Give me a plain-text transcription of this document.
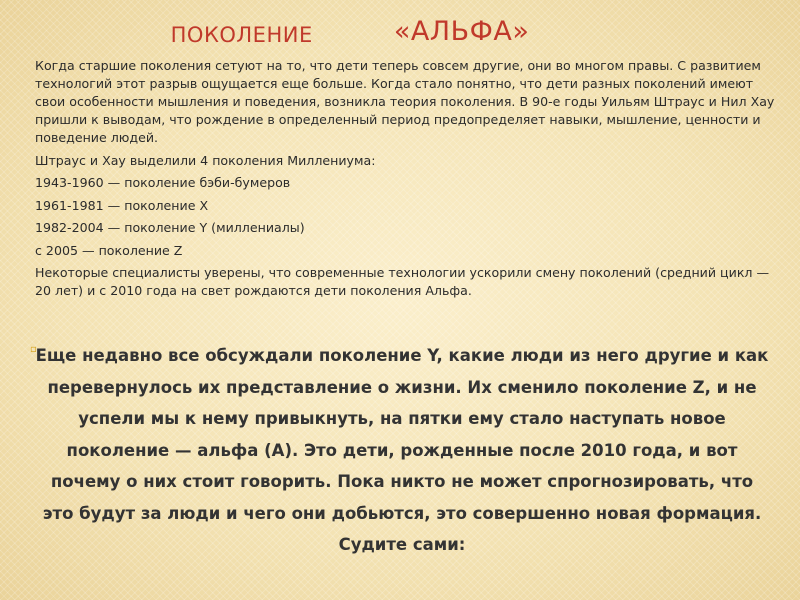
ПОКОЛЕНИЕ	«АЛЬФА»

Когда старшие поколения сетуют на то, что дети теперь совсем другие, они во многом правы. С развитием технологий этот разрыв ощущается еще больше. Когда стало понятно, что дети разных поколений имеют свои особенности мышления и поведения, возникла теория поколения. В 90-е годы Уильям Штраус и Нил Хау пришли к выводам, что рождение в определенный период предопределяет навыки, мышление, ценности и поведение людей.

Штраус и Хау выделили 4 поколения Миллениума:

1943-1960 — поколение бэби-бумеров

1961-1981 — поколение X

1982-2004 — поколение Y (миллениалы)

с 2005 — поколение Z

Некоторые специалисты уверены, что современные технологии ускорили смену поколений (средний цикл — 20 лет) и с 2010 года на свет рождаются дети поколения Альфа.

▫

Еще недавно все обсуждали поколение Y, какие люди из него другие и как перевернулось их представление о жизни. Их сменило поколение Z, и не успели мы к нему привыкнуть, на пятки ему стало наступать новое поколение — альфа (А). Это дети, рожденные после 2010 года, и вот почему о них стоит говорить. Пока никто не может спрогнозировать, что это будут за люди и чего они добьются, это совершенно новая формация. Судите сами:
